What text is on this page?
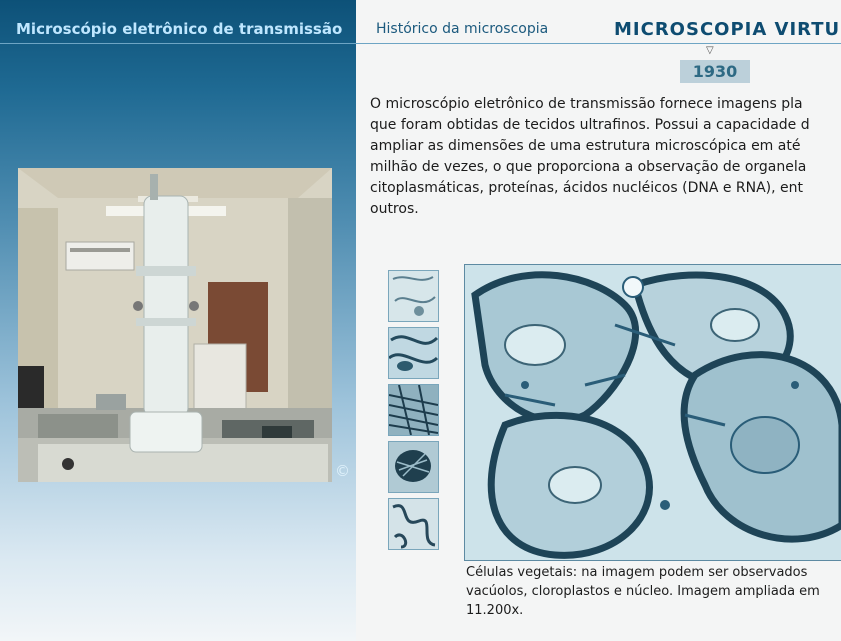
Microscópio eletrônico de transmissão Histórico da microscopia	MICROSCOPIA VIRTU
▽
1930
O microscópio eletrônico de transmissão fornece imagens pla
que foram obtidas de tecidos ultrafinos. Possui a capacidade d
ampliar as dimensões de uma estrutura microscópica em até
milhão de vezes, o que proporciona a observação de organela
citoplasmáticas, proteínas, ácidos nucléicos (DNA e RNA), ent
outros.
©
Células vegetais: na imagem podem ser observados
vacúolos, cloroplastos e núcleo. Imagem ampliada em
11.200x.
